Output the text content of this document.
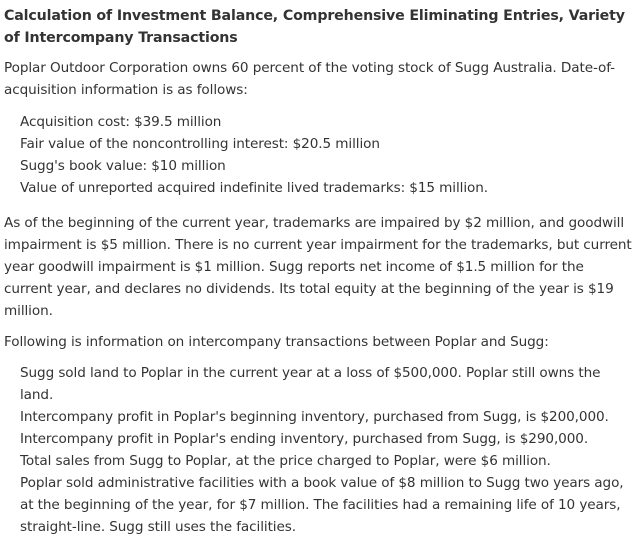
Calculation of Investment Balance, Comprehensive Eliminating Entries, Variety of Intercompany Transactions

Poplar Outdoor Corporation owns 60 percent of the voting stock of Sugg Australia. Date-of-acquisition information is as follows:

Acquisition cost: $39.5 million

Fair value of the noncontrolling interest: $20.5 million

Sugg's book value: $10 million

Value of unreported acquired indefinite lived trademarks: $15 million.

As of the beginning of the current year, trademarks are impaired by $2 million, and goodwill impairment is $5 million. There is no current year impairment for the trademarks, but current year goodwill impairment is $1 million. Sugg reports net income of $1.5 million for the current year, and declares no dividends. Its total equity at the beginning of the year is $19 million.

Following is information on intercompany transactions between Poplar and Sugg:

Sugg sold land to Poplar in the current year at a loss of $500,000. Poplar still owns the land.

Intercompany profit in Poplar's beginning inventory, purchased from Sugg, is $200,000.

Intercompany profit in Poplar's ending inventory, purchased from Sugg, is $290,000.

Total sales from Sugg to Poplar, at the price charged to Poplar, were $6 million.

Poplar sold administrative facilities with a book value of $8 million to Sugg two years ago, at the beginning of the year, for $7 million. The facilities had a remaining life of 10 years, straight-line. Sugg still uses the facilities.
